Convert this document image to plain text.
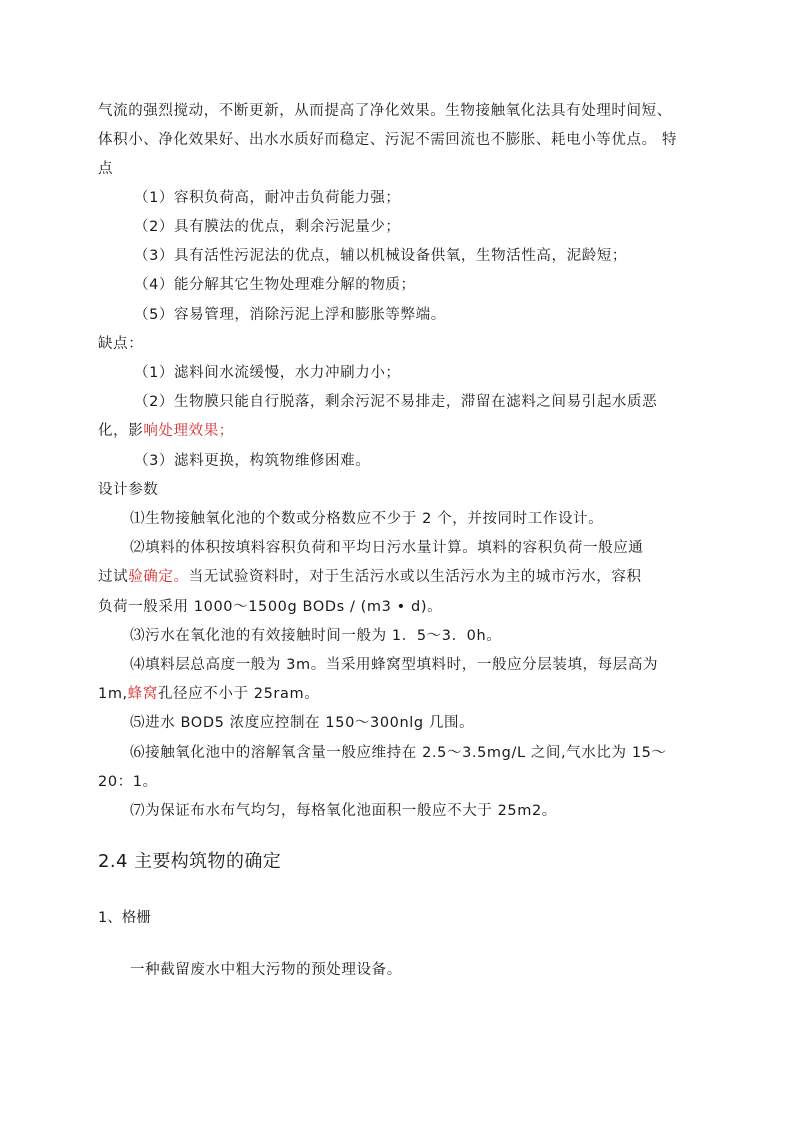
气流的强烈搅动，不断更新，从而提高了净化效果。生物接触氧化法具有处理时间短、
体积小、净化效果好、出水水质好而稳定、污泥不需回流也不膨胀、耗电小等优点。 特
点
（1）容积负荷高，耐冲击负荷能力强；
（2）具有膜法的优点，剩余污泥量少；
（3）具有活性污泥法的优点，辅以机械设备供氧，生物活性高，泥龄短；
（4）能分解其它生物处理难分解的物质；
（5）容易管理，消除污泥上浮和膨胀等弊端。
缺点：
（1）滤料间水流缓慢，水力冲刷力小；
（2）生物膜只能自行脱落，剩余污泥不易排走，滞留在滤料之间易引起水质恶
化，影响处理效果；
（3）滤料更换，构筑物维修困难。
设计参数
⑴生物接触氧化池的个数或分格数应不少于 2 个，并按同时工作设计。
⑵填料的体积按填料容积负荷和平均日污水量计算。填料的容积负荷一般应通
过试验确定。当无试验资料时，对于生活污水或以生活污水为主的城市污水，容积
负荷一般采用 1000～1500g BODs / (m3 • d)。
⑶污水在氧化池的有效接触时间一般为 1．5～3．0h。
⑷填料层总高度一般为 3m。当采用蜂窝型填料时，一般应分层装填，每层高为
1m,蜂窝孔径应不小于 25ram。
⑸进水 BOD5 浓度应控制在 150～300nlg 几围。
⑹接触氧化池中的溶解氧含量一般应维持在 2.5～3.5mg/L 之间,气水比为 15～
20：1。
⑺为保证布水布气均匀，每格氧化池面积一般应不大于 25m2。
2.4 主要构筑物的确定
1、格栅
一种截留废水中粗大污物的预处理设备。
